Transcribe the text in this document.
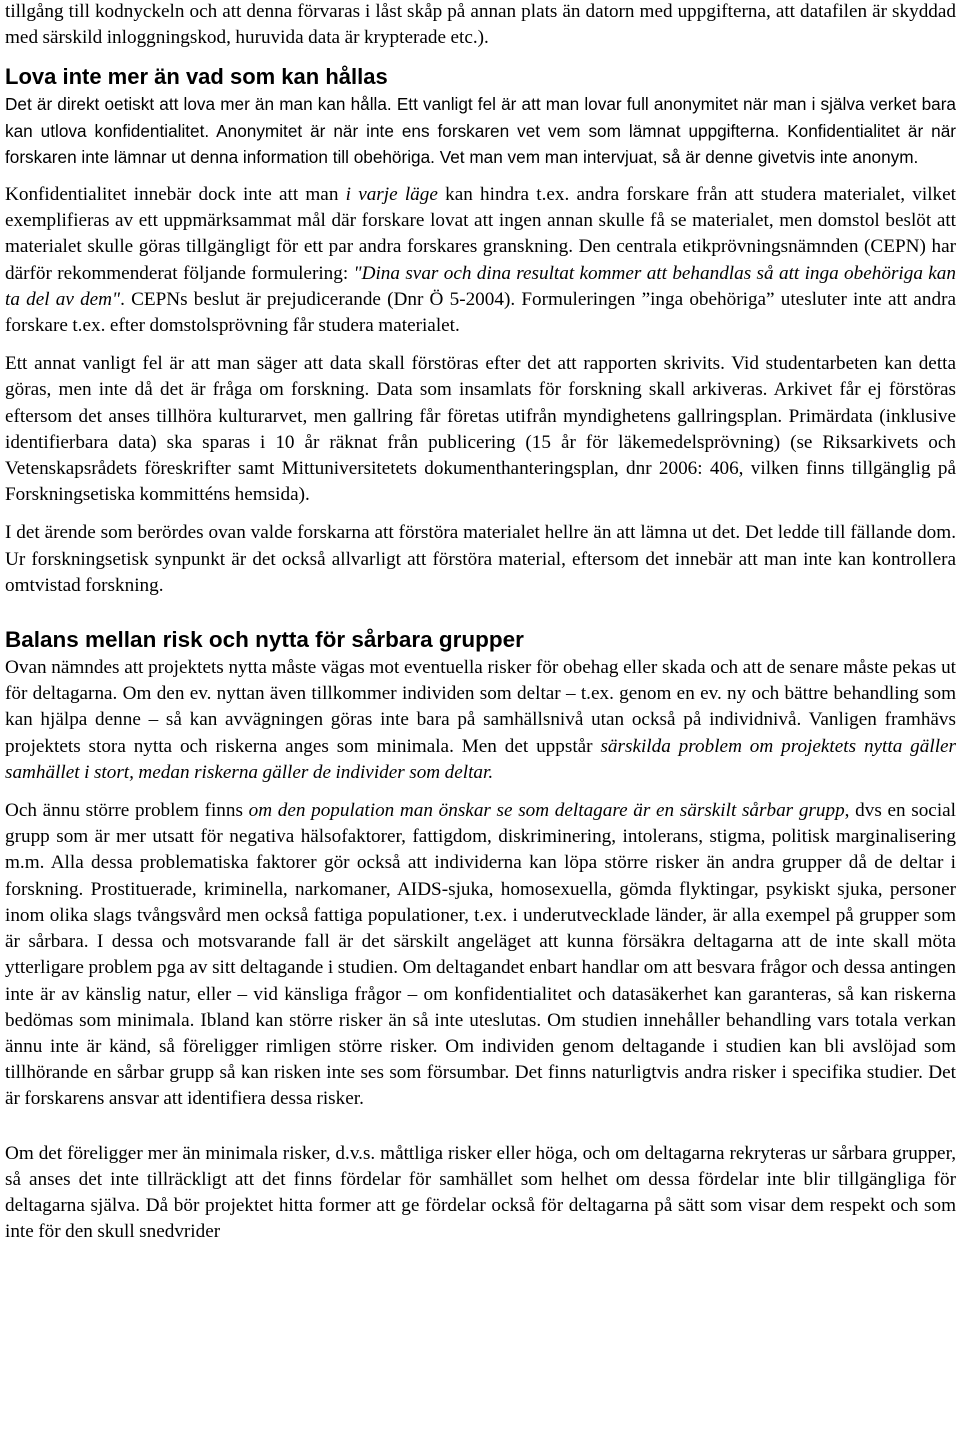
tillgång till kodnyckeln och att denna förvaras i låst skåp på annan plats än datorn med uppgifterna, att datafilen är skyddad med särskild inloggningskod, huruvida data är krypterade etc.).

Lova inte mer än vad som kan hållas

Det är direkt oetiskt att lova mer än man kan hålla. Ett vanligt fel är att man lovar full anonymitet när man i själva verket bara kan utlova konfidentialitet. Anonymitet är när inte ens forskaren vet vem som lämnat uppgifterna. Konfidentialitet är när forskaren inte lämnar ut denna information till obehöriga. Vet man vem man intervjuat, så är denne givetvis inte anonym.

Konfidentialitet innebär dock inte att man i varje läge kan hindra t.ex. andra forskare från att studera materialet, vilket exemplifieras av ett uppmärksammat mål där forskare lovat att ingen annan skulle få se materialet, men domstol beslöt att materialet skulle göras tillgängligt för ett par andra forskares granskning. Den centrala etikprövningsnämnden (CEPN) har därför rekommenderat följande formulering: "Dina svar och dina resultat kommer att behandlas så att inga obehöriga kan ta del av dem". CEPNs beslut är prejudicerande (Dnr Ö 5-2004). Formuleringen ”inga obehöriga” utesluter inte att andra forskare t.ex. efter domstolsprövning får studera materialet.

Ett annat vanligt fel är att man säger att data skall förstöras efter det att rapporten skrivits. Vid studentarbeten kan detta göras, men inte då det är fråga om forskning. Data som insamlats för forskning skall arkiveras. Arkivet får ej förstöras eftersom det anses tillhöra kulturarvet, men gallring får företas utifrån myndighetens gallringsplan. Primärdata (inklusive identifierbara data) ska sparas i 10 år räknat från publicering (15 år för läkemedelsprövning) (se Riksarkivets och Vetenskapsrådets föreskrifter samt Mittuniversitetets dokumenthanteringsplan, dnr 2006: 406, vilken finns tillgänglig på Forskningsetiska kommitténs hemsida).

I det ärende som berördes ovan valde forskarna att förstöra materialet hellre än att lämna ut det. Det ledde till fällande dom. Ur forskningsetisk synpunkt är det också allvarligt att förstöra material, eftersom det innebär att man inte kan kontrollera omtvistad forskning.

Balans mellan risk och nytta för sårbara grupper

Ovan nämndes att projektets nytta måste vägas mot eventuella risker för obehag eller skada och att de senare måste pekas ut för deltagarna. Om den ev. nyttan även tillkommer individen som deltar – t.ex. genom en ev. ny och bättre behandling som kan hjälpa denne – så kan avvägningen göras inte bara på samhällsnivå utan också på individnivå. Vanligen framhävs projektets stora nytta och riskerna anges som minimala. Men det uppstår särskilda problem om projektets nytta gäller samhället i stort, medan riskerna gäller de individer som deltar.

Och ännu större problem finns om den population man önskar se som deltagare är en särskilt sårbar grupp, dvs en social grupp som är mer utsatt för negativa hälsofaktorer, fattigdom, diskriminering, intolerans, stigma, politisk marginalisering m.m. Alla dessa problematiska faktorer gör också att individerna kan löpa större risker än andra grupper då de deltar i forskning. Prostituerade, kriminella, narkomaner, AIDS-sjuka, homosexuella, gömda flyktingar, psykiskt sjuka, personer inom olika slags tvångsvård men också fattiga populationer, t.ex. i underutvecklade länder, är alla exempel på grupper som är sårbara. I dessa och motsvarande fall är det särskilt angeläget att kunna försäkra deltagarna att de inte skall möta ytterligare problem pga av sitt deltagande i studien. Om deltagandet enbart handlar om att besvara frågor och dessa antingen inte är av känslig natur, eller – vid känsliga frågor – om konfidentialitet och datasäkerhet kan garanteras, så kan riskerna bedömas som minimala. Ibland kan större risker än så inte uteslutas. Om studien innehåller behandling vars totala verkan ännu inte är känd, så föreligger rimligen större risker. Om individen genom deltagande i studien kan bli avslöjad som tillhörande en sårbar grupp så kan risken inte ses som försumbar. Det finns naturligtvis andra risker i specifika studier. Det är forskarens ansvar att identifiera dessa risker.

Om det föreligger mer än minimala risker, d.v.s. måttliga risker eller höga, och om deltagarna rekryteras ur sårbara grupper, så anses det inte tillräckligt att det finns fördelar för samhället som helhet om dessa fördelar inte blir tillgängliga för deltagarna själva. Då bör projektet hitta former att ge fördelar också för deltagarna på sätt som visar dem respekt och som inte för den skull snedvrider
